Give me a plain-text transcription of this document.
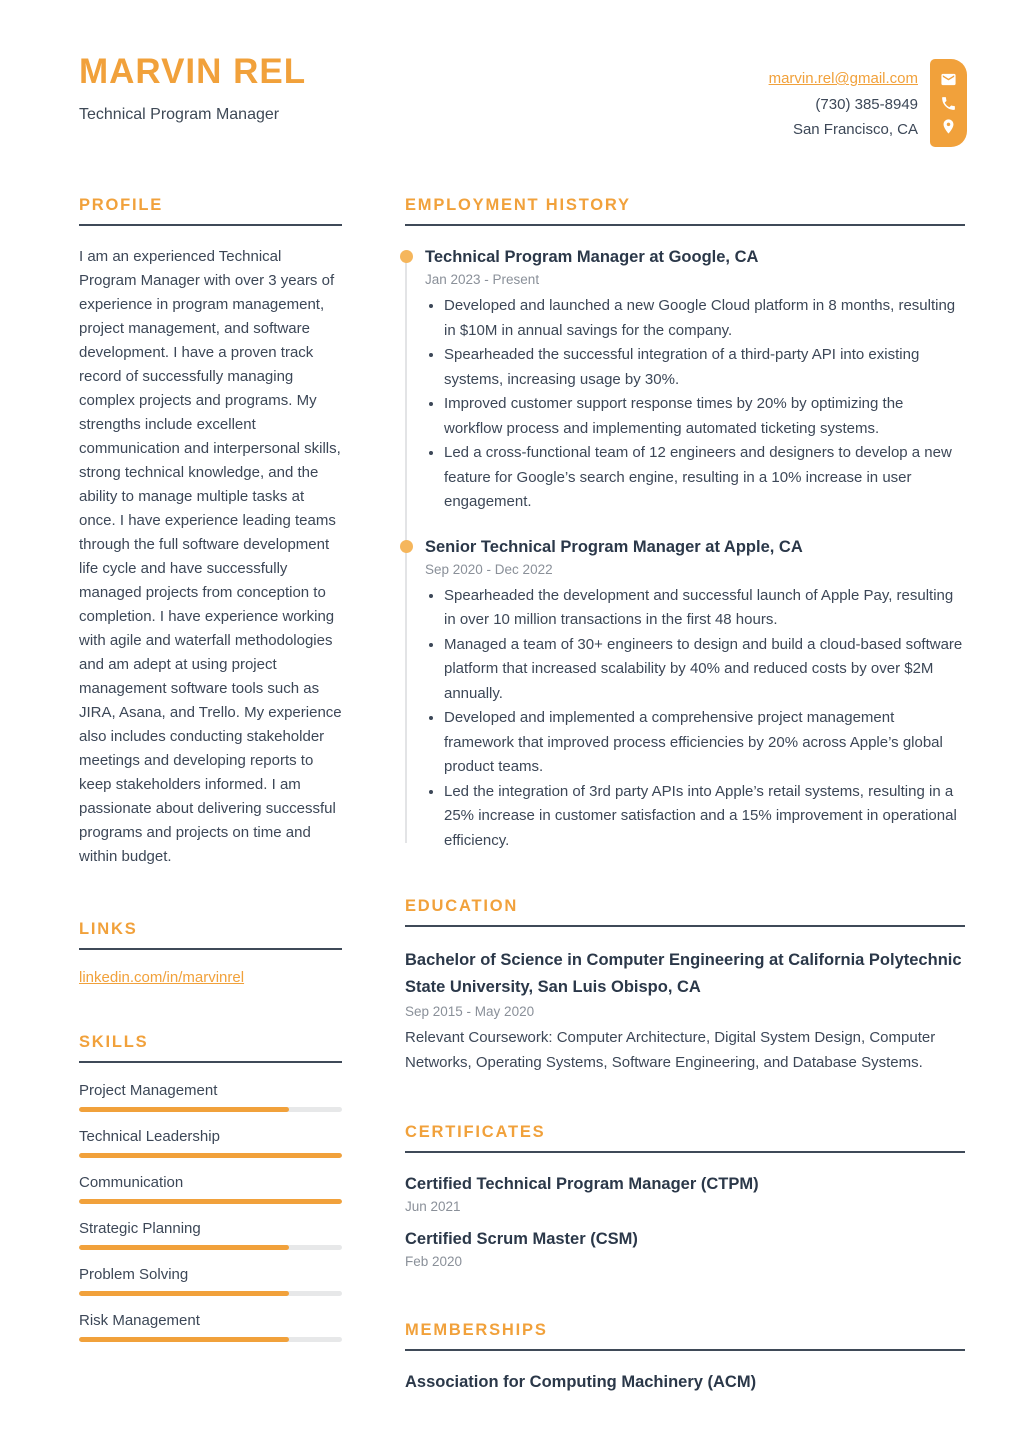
MARVIN REL
Technical Program Manager
marvin.rel@gmail.com
(730) 385-8949
San Francisco, CA
PROFILE

I am an experienced Technical Program Manager with over 3 years of experience in program management, project management, and software development. I have a proven track record of successfully managing complex projects and programs. My strengths include excellent communication and interpersonal skills, strong technical knowledge, and the ability to manage multiple tasks at once. I have experience leading teams through the full software development life cycle and have successfully managed projects from conception to completion. I have experience working with agile and waterfall methodologies and am adept at using project management software tools such as JIRA, Asana, and Trello. My experience also includes conducting stakeholder meetings and developing reports to keep stakeholders informed. I am passionate about delivering successful programs and projects on time and within budget.

LINKS
linkedin.com/in/marvinrel
SKILLS
Project Management
Technical Leadership
Communication
Strategic Planning
Problem Solving
Risk Management
EMPLOYMENT HISTORY
Technical Program Manager at Google, CA
Jan 2023 - Present
• Developed and launched a new Google Cloud platform in 8 months, resulting in $10M in annual savings for the company.
• Spearheaded the successful integration of a third-party API into existing systems, increasing usage by 30%.
• Improved customer support response times by 20% by optimizing the workflow process and implementing automated ticketing systems.
• Led a cross-functional team of 12 engineers and designers to develop a new feature for Google’s search engine, resulting in a 10% increase in user engagement.
Senior Technical Program Manager at Apple, CA
Sep 2020 - Dec 2022
• Spearheaded the development and successful launch of Apple Pay, resulting in over 10 million transactions in the first 48 hours.
• Managed a team of 30+ engineers to design and build a cloud-based software platform that increased scalability by 40% and reduced costs by over $2M annually.
• Developed and implemented a comprehensive project management framework that improved process efficiencies by 20% across Apple’s global product teams.
• Led the integration of 3rd party APIs into Apple’s retail systems, resulting in a 25% increase in customer satisfaction and a 15% improvement in operational efficiency.
EDUCATION
Bachelor of Science in Computer Engineering at California Polytechnic State University, San Luis Obispo, CA
Sep 2015 - May 2020

Relevant Coursework: Computer Architecture, Digital System Design, Computer Networks, Operating Systems, Software Engineering, and Database Systems.

CERTIFICATES
Certified Technical Program Manager (CTPM)
Jun 2021
Certified Scrum Master (CSM)
Feb 2020
MEMBERSHIPS
Association for Computing Machinery (ACM)
